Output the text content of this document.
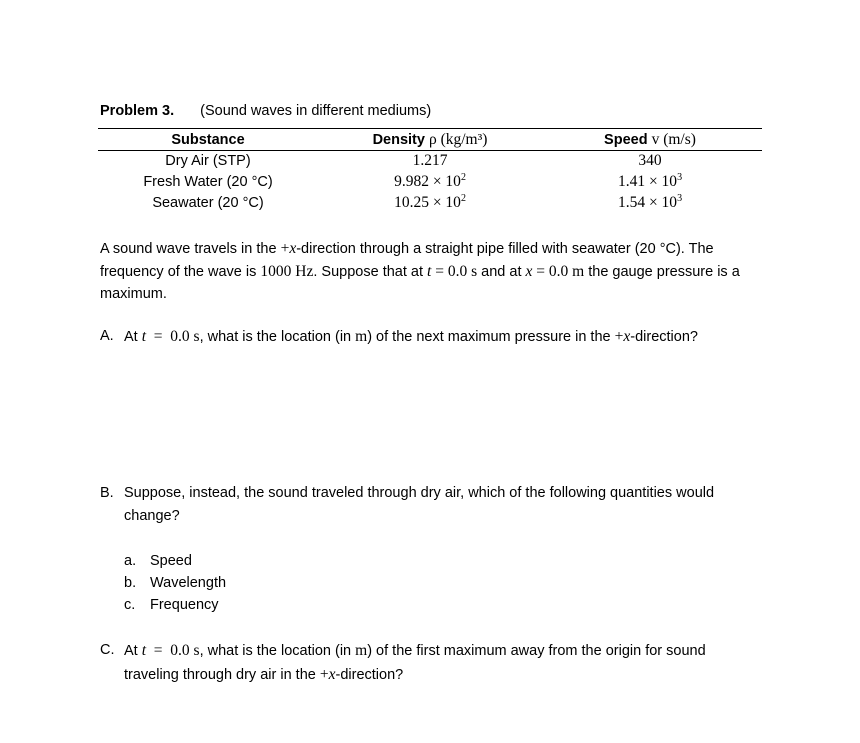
Problem 3. (Sound waves in different mediums)
Substance	Density ρ (kg/m³)	Speed v (m/s)
Dry Air (STP)	1.217	340
Fresh Water (20 °C)	$9.982 \times 10^2$	$1.41 \times 10^3$
Seawater (20 °C)	$10.25 \times 10^2$	$1.54 \times 10^3$

A sound wave travels in the +x-direction through a straight pipe filled with seawater (20 °C). The frequency of the wave is 1000 Hz. Suppose that at t = 0.0 s and at x = 0.0 m the gauge pressure is a maximum.

A. At t  =  0.0 s, what is the location (in m) of the next maximum pressure in the +x-direction?
B. Suppose, instead, the sound traveled through dry air, which of the following quantities would change?
a. Speed
b. Wavelength
c. Frequency
C. At t  =  0.0 s, what is the location (in m) of the first maximum away from the origin for sound traveling through dry air in the +x-direction?
